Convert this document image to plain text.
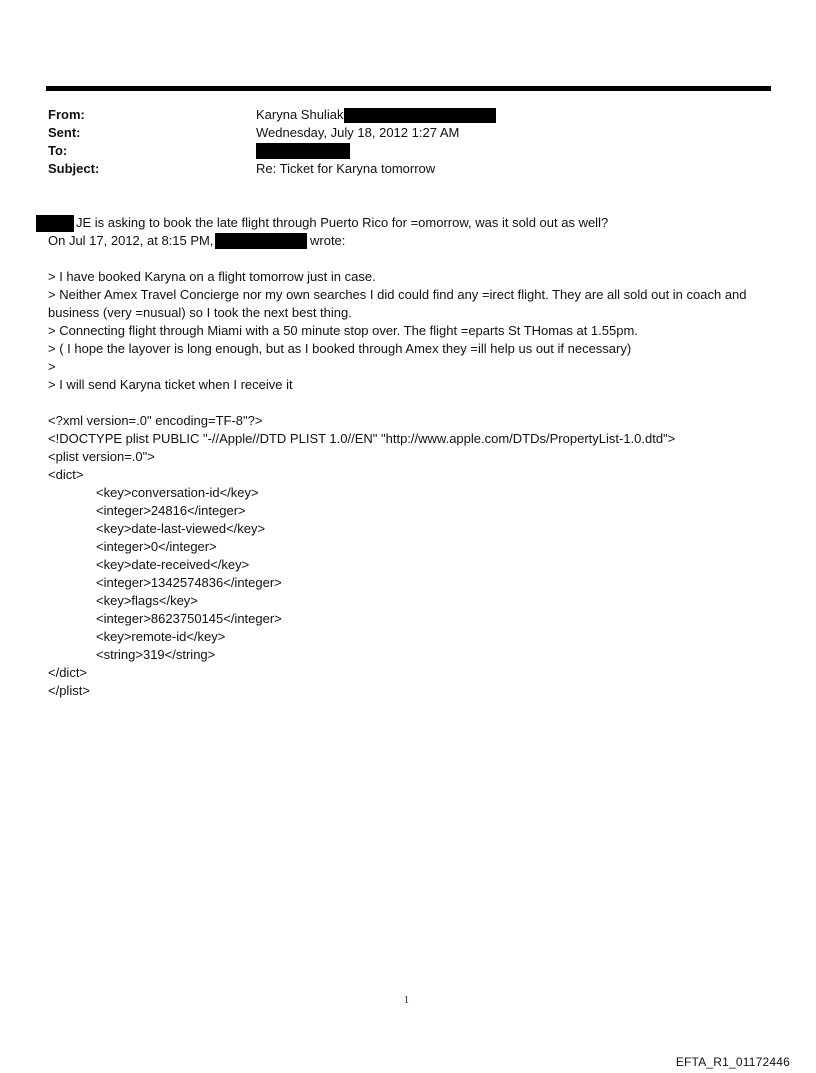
From:	Karyna Shuliak
Sent:	Wednesday, July 18, 2012 1:27 AM
To:
Subject:	Re: Ticket for Karyna tomorrow
JE is asking to book the late flight through Puerto Rico for =omorrow, was it sold out as well?
On Jul 17, 2012, at 8:15 PM,	wrote:
> I have booked Karyna on a flight tomorrow just in case.
> Neither Amex Travel Concierge nor my own searches I did could find any =irect flight. They are all sold out in coach and
business (very =nusual) so I took the next best thing.
> Connecting flight through Miami with a 50 minute stop over. The flight =eparts St THomas at 1.55pm.
> ( I hope the layover is long enough, but as I booked through Amex they =ill help us out if necessary)
>
> I will send Karyna ticket when I receive it
<?xml version=.0" encoding=TF-8"?>
<!DOCTYPE plist PUBLIC "-//Apple//DTD PLIST 1.0//EN" "http://www.apple.com/DTDs/PropertyList-1.0.dtd">
<plist version=.0">
<dict>
<key>conversation-id</key>
<integer>24816</integer>
<key>date-last-viewed</key>
<integer>0</integer>
<key>date-received</key>
<integer>1342574836</integer>
<key>flags</key>
<integer>8623750145</integer>
<key>remote-id</key>
<string>319</string>
</dict>
</plist>
1
EFTA_R1_01172446
